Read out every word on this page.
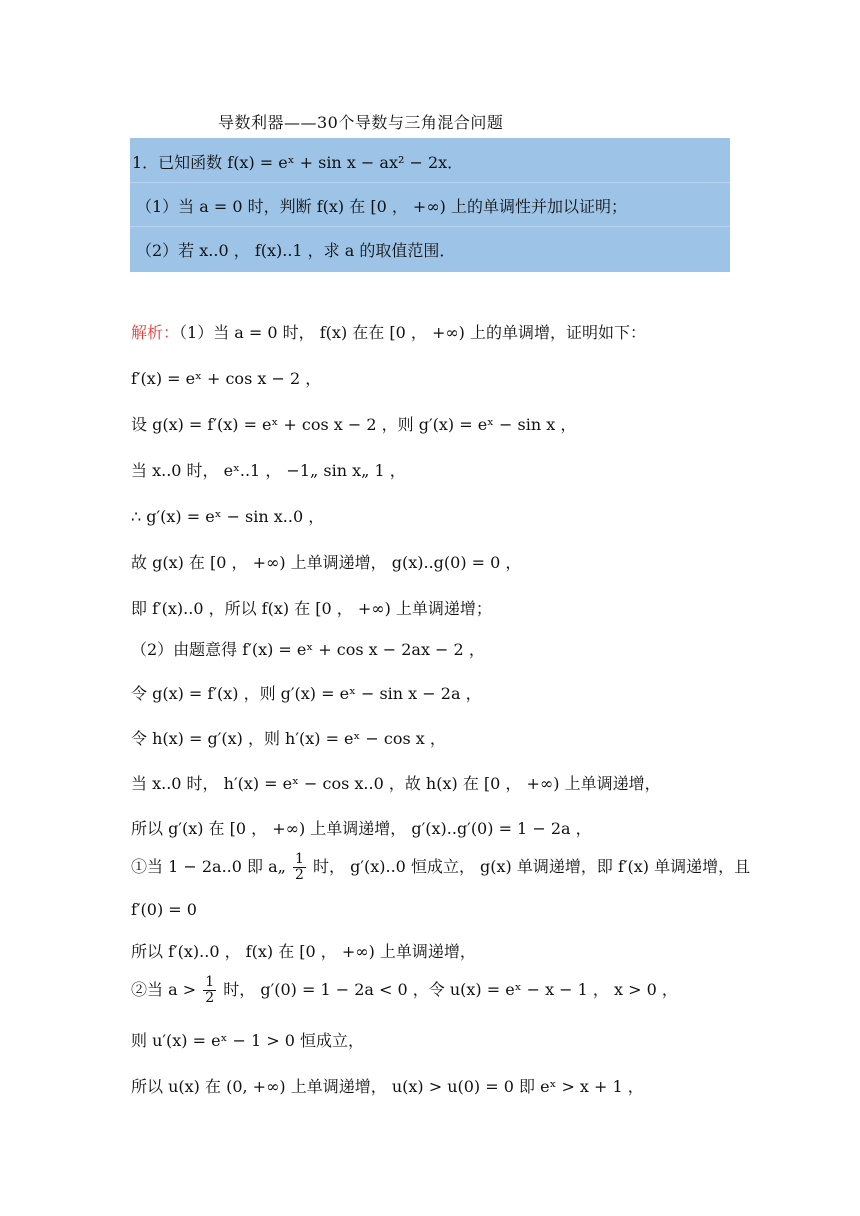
导数利器——30个导数与三角混合问题
1．已知函数 f(x) = eˣ + sin x − ax² − 2x．
（1）当 a = 0 时，判断 f(x) 在 [0 ， +∞) 上的单调性并加以证明；
（2）若 x..0 ， f(x)..1 ，求 a 的取值范围．
解析：（1）当 a = 0 时， f(x) 在在 [0 ， +∞) 上的单调增，证明如下：
f′(x) = eˣ + cos x − 2 ，
设 g(x) = f′(x) = eˣ + cos x − 2 ，则 g′(x) = eˣ − sin x ，
当 x..0 时， eˣ..1 ， −1„ sin x„ 1 ，
∴ g′(x) = eˣ − sin x..0 ，
故 g(x) 在 [0 ， +∞) 上单调递增， g(x)..g(0) = 0 ，
即 f′(x)..0 ，所以 f(x) 在 [0 ， +∞) 上单调递增；
（2）由题意得 f′(x) = eˣ + cos x − 2ax − 2 ，
令 g(x) = f′(x) ，则 g′(x) = eˣ − sin x − 2a ，
令 h(x) = g′(x) ，则 h′(x) = eˣ − cos x ，
当 x..0 时， h′(x) = eˣ − cos x..0 ，故 h(x) 在 [0 ， +∞) 上单调递增，
所以 g′(x) 在 [0 ， +∞) 上单调递增， g′(x)..g′(0) = 1 − 2a ，
①当 1 − 2a..0 即 a„ $\frac{1}{2}$ 时， g′(x)..0 恒成立， g(x) 单调递增，即 f′(x) 单调递增，且
f′(0) = 0
所以 f′(x)..0 ， f(x) 在 [0 ， +∞) 上单调递增，
②当 $a > \frac{1}{2}$ 时， g′(0) = 1 − 2a < 0 ，令 u(x) = eˣ − x − 1 ， x > 0 ，
则 u′(x) = eˣ − 1 > 0 恒成立，
所以 u(x) 在 (0, +∞) 上单调递增， u(x) > u(0) = 0 即 eˣ > x + 1 ，
